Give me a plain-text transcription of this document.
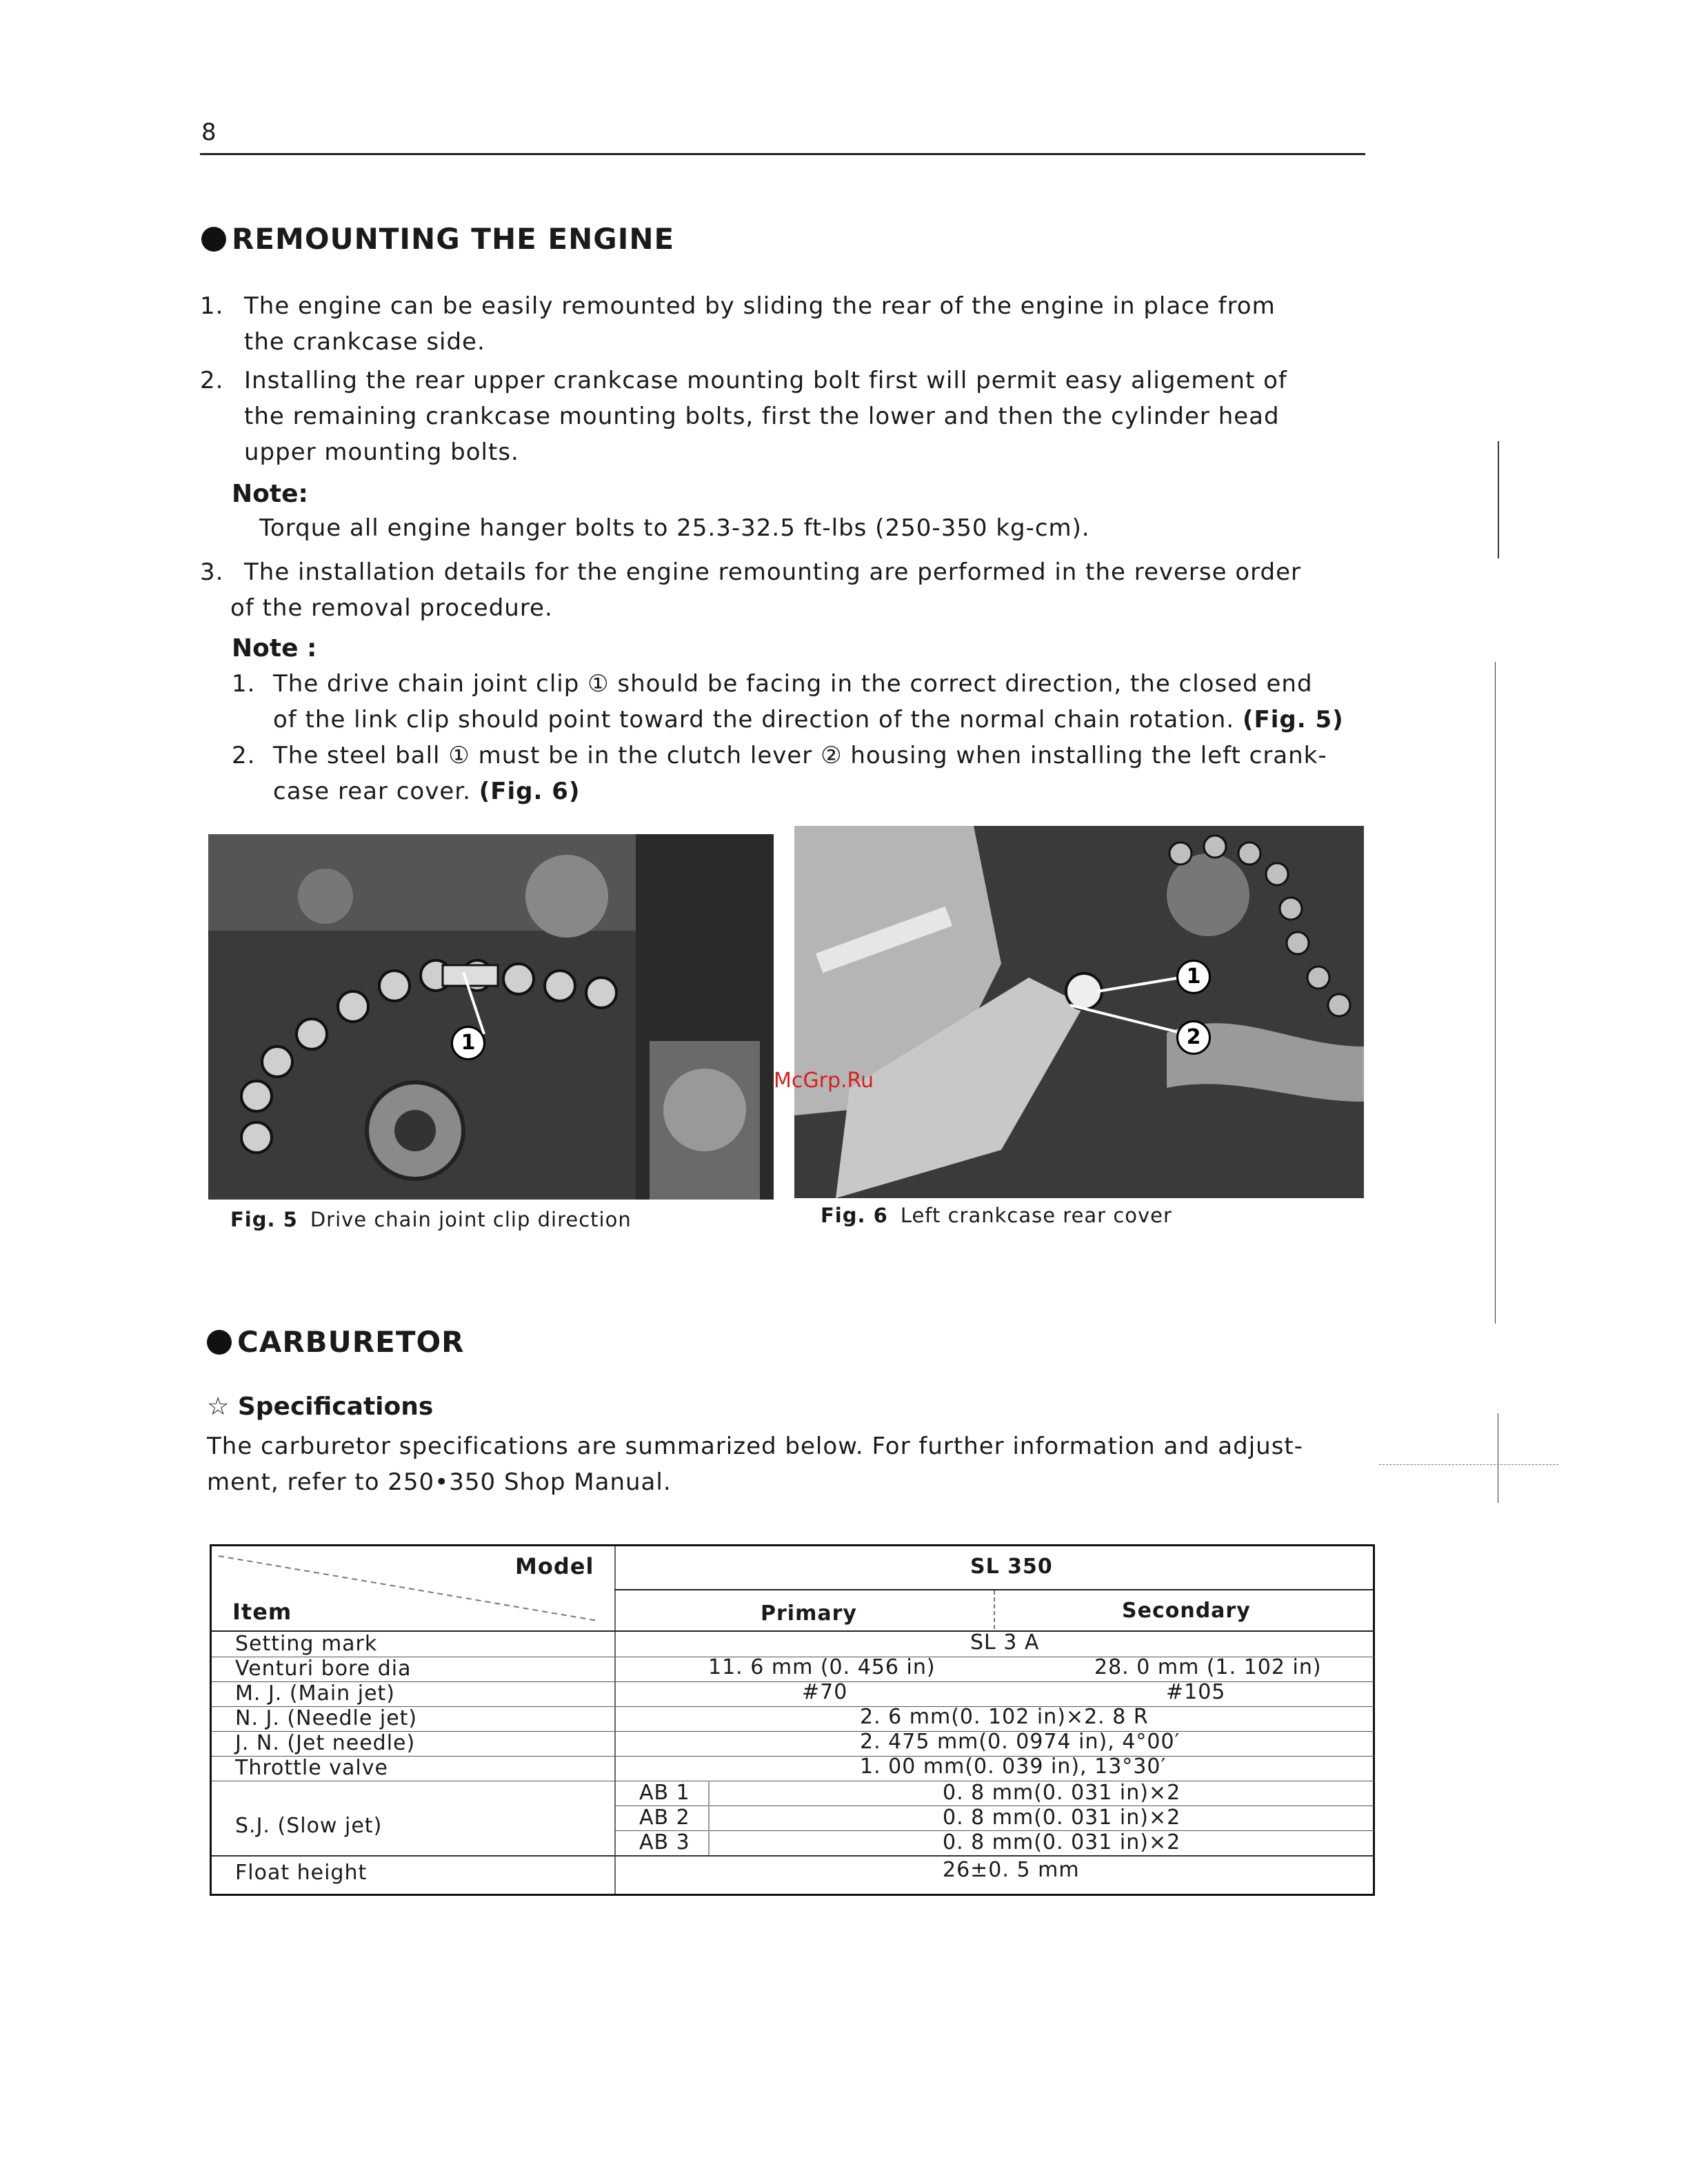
8
REMOUNTING THE ENGINE
1. The engine can be easily remounted by sliding the rear of the engine in place from
the crankcase side.
2. Installing the rear upper crankcase mounting bolt first will permit easy aligement of
the remaining crankcase mounting bolts, first the lower and then the cylinder head
upper mounting bolts.
Note:
Torque all engine hanger bolts to 25.3-32.5 ft-lbs (250-350 kg-cm).
3. The installation details for the engine remounting are performed in the reverse order
of the removal procedure.
Note :
1. The drive chain joint clip ① should be facing in the correct direction, the closed end
of the link clip should point toward the direction of the normal chain rotation. (Fig. 5)
2. The steel ball ① must be in the clutch lever ② housing when installing the left crank-
case rear cover. (Fig. 6)
1
1
2
McGrp.Ru
Fig. 5 Drive chain joint clip direction	Fig. 6 Left crankcase rear cover
CARBURETOR
☆ Specifications
The carburetor specifications are summarized below. For further information and adjust-
ment, refer to 250•350 Shop Manual.
Model
Item
SL 350
Primary	Secondary
Setting mark	SL 3 A
Venturi bore dia	11. 6 mm (0. 456 in)	28. 0 mm (1. 102 in)
M. J. (Main jet)	#70	#105
N. J. (Needle jet)	2. 6 mm(0. 102 in)×2. 8 R
J. N. (Jet needle)	2. 475 mm(0. 0974 in), 4°00′
Throttle valve	1. 00 mm(0. 039 in), 13°30′
S.J. (Slow jet)
AB 1	0. 8 mm(0. 031 in)×2
AB 2	0. 8 mm(0. 031 in)×2
AB 3	0. 8 mm(0. 031 in)×2
Float height	26±0. 5 mm
